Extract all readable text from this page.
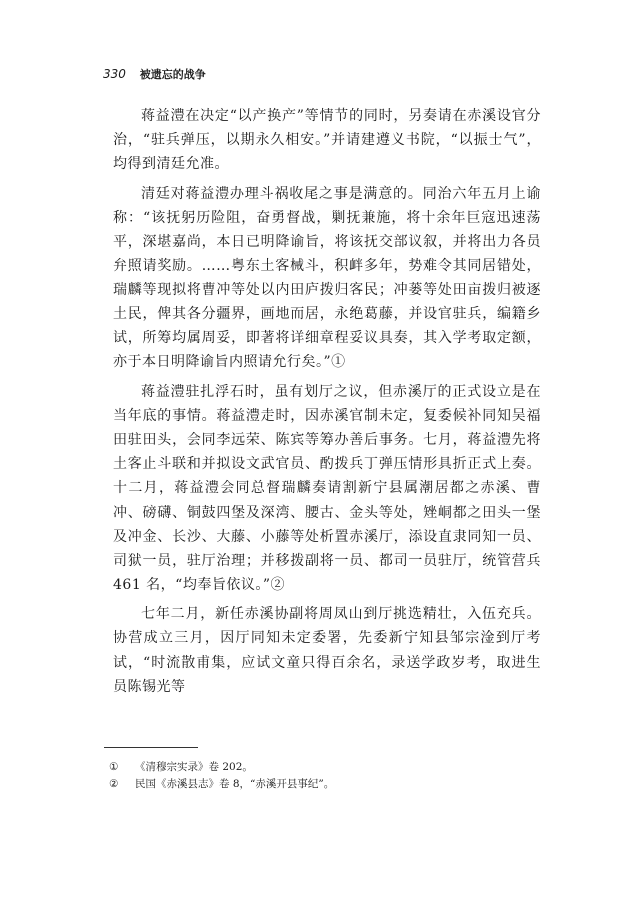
330 被遗忘的战争

蒋益澧在决定“以产换产”等情节的同时，另奏请在赤溪设官分治，“驻兵弹压，以期永久相安。”并请建遵义书院，“以振士气”，均得到清廷允准。

清廷对蒋益澧办理斗祸收尾之事是满意的。同治六年五月上谕称：“该抚躬历险阻，奋勇督战，剿抚兼施，将十余年巨寇迅速荡平，深堪嘉尚，本日已明降谕旨，将该抚交部议叙，并将出力各员弁照请奖励。……粤东土客械斗，积衅多年，势难令其同居错处，瑞麟等现拟将曹冲等处以内田庐拨归客民；冲蒌等处田亩拨归被逐土民，俾其各分疆界，画地而居，永绝葛藤，并设官驻兵，编籍乡试，所筹均属周妥，即著将详细章程妥议具奏，其入学考取定额，亦于本日明降谕旨内照请允行矣。”①

蒋益澧驻扎浮石时，虽有划厅之议，但赤溪厅的正式设立是在当年底的事情。蒋益澧走时，因赤溪官制未定，复委候补同知吴福田驻田头，会同李远荣、陈宾等筹办善后事务。七月，蒋益澧先将土客止斗联和并拟设文武官员、酌拨兵丁弹压情形具折正式上奏。十二月，蒋益澧会同总督瑞麟奏请割新宁县属潮居都之赤溪、曹冲、磅礴、铜鼓四堡及深湾、腰古、金头等处，矬峒都之田头一堡及冲金、长沙、大藤、小藤等处析置赤溪厅，添设直隶同知一员、司狱一员，驻厅治理；并移拨副将一员、都司一员驻厅，统管营兵 461 名，“均奉旨依议。”②

七年二月，新任赤溪协副将周凤山到厅挑选精壮，入伍充兵。协营成立三月，因厅同知未定委署，先委新宁知县邹宗淦到厅考试，“时流散甫集，应试文童只得百余名，录送学政岁考，取进生员陈锡光等

① 《清穆宗实录》卷 202。
② 民国《赤溪县志》卷 8，“赤溪开县事纪”。
